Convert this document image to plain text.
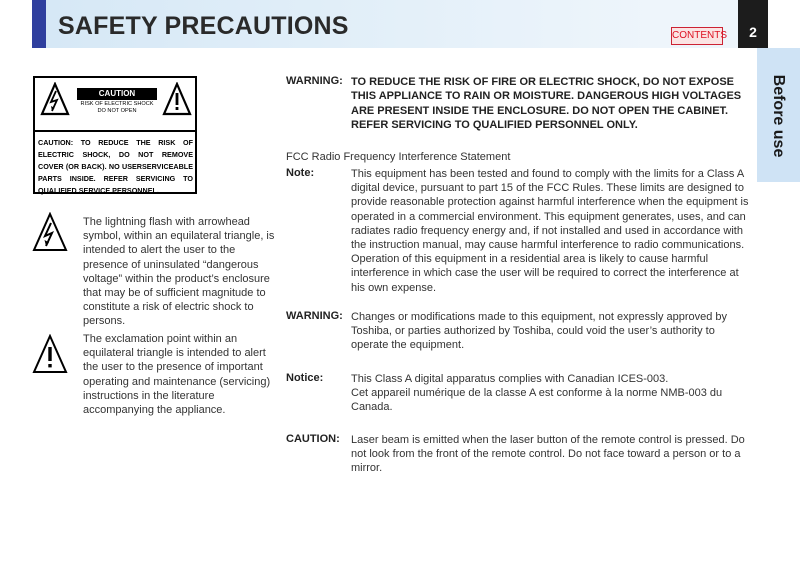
SAFETY PRECAUTIONS	CONTENTS	2
Before use
CAUTION
RISK OF ELECTRIC SHOCK DO NOT OPEN
CAUTION: TO REDUCE THE RISK OF ELECTRIC SHOCK, DO NOT REMOVE COVER (OR BACK). NO USERSERVICEABLE PARTS INSIDE. REFER SERVICING TO QUALIFIED SERVICE PERSONNEL.
The lightning flash with arrowhead symbol, within an equilateral triangle, is intended to alert the user to the presence of uninsulated “dangerous voltage” within the product’s enclosure that may be of sufficient magnitude to constitute a risk of electric shock to persons.
The exclamation point within an equilateral triangle is intended to alert the user to the presence of important operating and maintenance (servicing) instructions in the literature accompanying the appliance.
WARNING: TO REDUCE THE RISK OF FIRE OR ELECTRIC SHOCK, DO NOT EXPOSE THIS APPLIANCE TO RAIN OR MOISTURE. DANGEROUS HIGH VOLTAGES ARE PRESENT INSIDE THE ENCLOSURE. DO NOT OPEN THE CABINET. REFER SERVICING TO QUALIFIED PERSONNEL ONLY.
FCC Radio Frequency Interference Statement
Note:	This equipment has been tested and found to comply with the limits for a Class A digital device, pursuant to part 15 of the FCC Rules. These limits are designed to provide reasonable protection against harmful interference when the equipment is operated in a commercial environment. This equipment generates, uses, and can radiates radio frequency energy and, if not installed and used in accordance with the instruction manual, may cause harmful interference to radio communications. Operation of this equipment in a residential area is likely to cause harmful interference in which case the user will be required to correct the interference at his own expense.
WARNING: Changes or modifications made to this equipment, not expressly approved by Toshiba, or parties authorized by Toshiba, could void the user’s authority to operate the equipment.
Notice:	This Class A digital apparatus complies with Canadian ICES-003.
Cet appareil numérique de la classe A est conforme à la norme NMB-003 du Canada.
CAUTION: Laser beam is emitted when the laser button of the remote control is pressed. Do not look from the front of the remote control. Do not face toward a person or to a mirror.
